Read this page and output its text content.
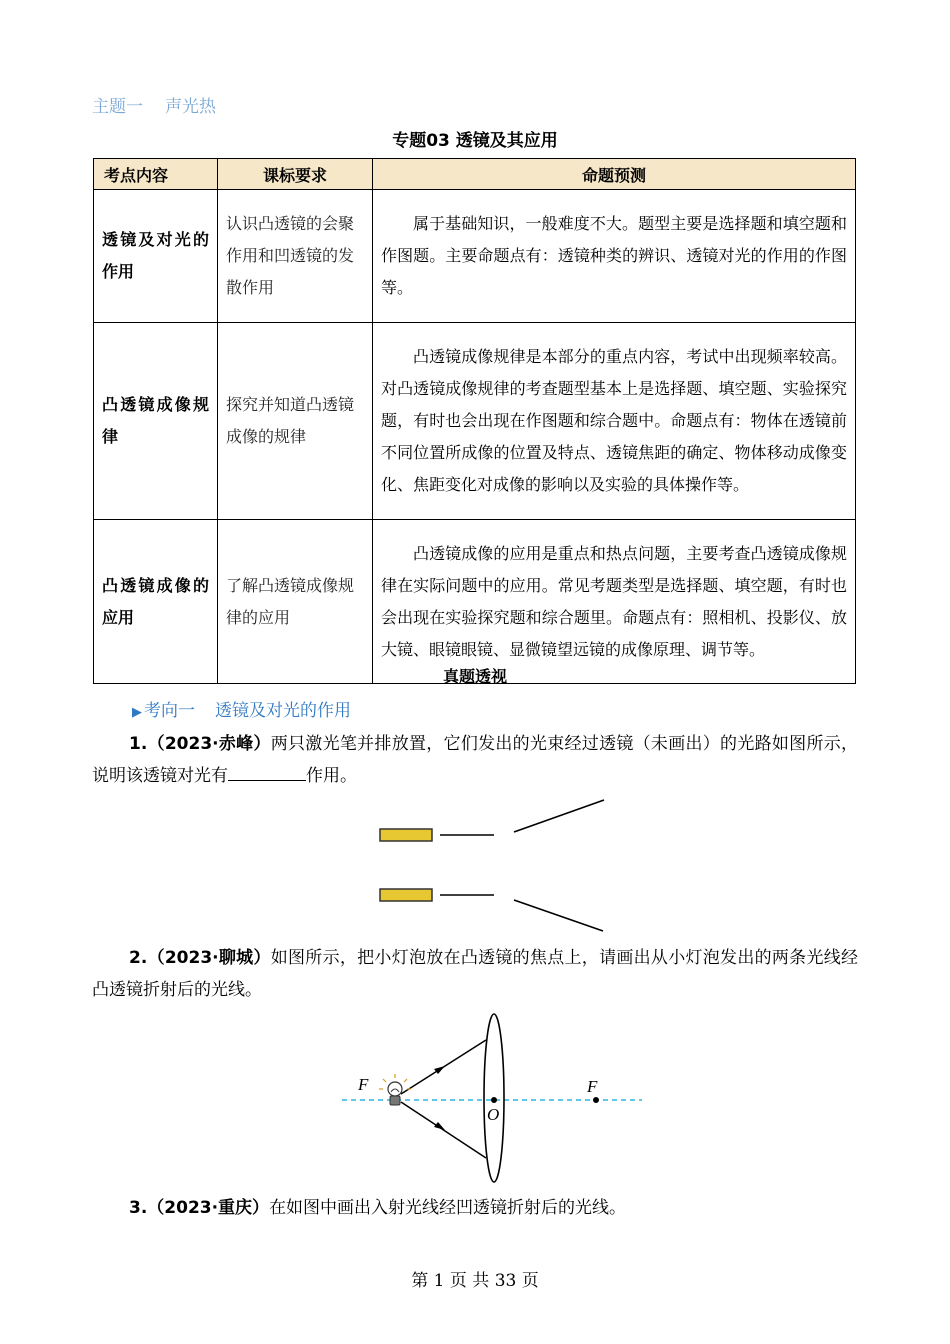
主题一 声光热
专题03 透镜及其应用
考点内容	课标要求	命题预测
透镜及对光的作用	认识凸透镜的会聚作用和凹透镜的发散作用	属于基础知识，一般难度不大。题型主要是选择题和填空题和作图题。主要命题点有：透镜种类的辨识、透镜对光的作用的作图等。
凸透镜成像规律	探究并知道凸透镜成像的规律	凸透镜成像规律是本部分的重点内容，考试中出现频率较高。对凸透镜成像规律的考查题型基本上是选择题、填空题、实验探究题，有时也会出现在作图题和综合题中。命题点有：物体在透镜前不同位置所成像的位置及特点、透镜焦距的确定、物体移动成像变化、焦距变化对成像的影响以及实验的具体操作等。
凸透镜成像的应用	了解凸透镜成像规律的应用	凸透镜成像的应用是重点和热点问题，主要考查凸透镜成像规律在实际问题中的应用。常见考题类型是选择题、填空题，有时也会出现在实验探究题和综合题里。命题点有：照相机、投影仪、放大镜、眼镜眼镜、显微镜望远镜的成像原理、调节等。
真题透视
▶ 考向一 透镜及对光的作用
1.（2023·赤峰）两只激光笔并排放置，它们发出的光束经过透镜（未画出）的光路如图所示，说明该透镜对光有	作用。
2.（2023·聊城）如图所示，把小灯泡放在凸透镜的焦点上，请画出从小灯泡发出的两条光线经凸透镜折射后的光线。
F	F
O
3.（2023·重庆）在如图中画出入射光线经凹透镜折射后的光线。
第 1 页 共 33 页
